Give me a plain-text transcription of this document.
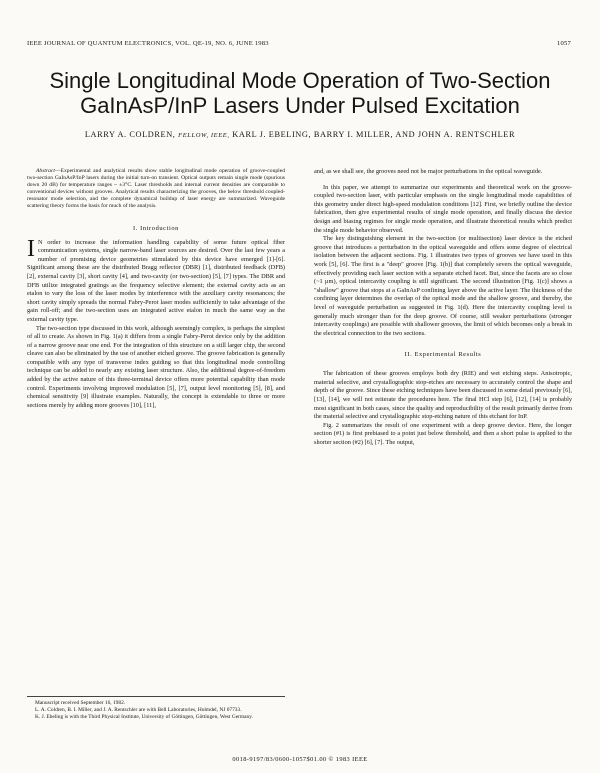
IEEE JOURNAL OF QUANTUM ELECTRONICS, VOL. QE-19, NO. 6, JUNE 1983	1057
Single Longitudinal Mode Operation of Two-Section
GaInAsP/InP Lasers Under Pulsed Excitation
LARRY A. COLDREN, FELLOW, IEEE, KARL J. EBELING, BARRY I. MILLER, AND JOHN A. RENTSCHLER

Abstract—Experimental and analytical results show stable longitudinal mode operation of groove-coupled two-section GaInAsP/InP lasers during the initial turn-on transient. Optical outputs remain single mode (spurious down 20 dB) for temperature ranges ~ ±3°C. Laser thresholds and internal current densities are comparable to conventional devices without grooves. Analytical results characterizing the grooves, the below threshold coupled-resonator mode selection, and the complete dynamical buildup of laser energy are summarized. Waveguide scattering theory forms the basis for much of the analysis.

I. Introduction

I N order to increase the information handling capability of some future optical fiber communication systems, single narrow-band laser sources are desired. Over the last few years a number of promising device geometries stimulated by this device have emerged [1]-[6]. Significant among these are the distributed Bragg reflector (DBR) [1], distributed feedback (DFB) [2], external cavity [3], short cavity [4], and two-cavity (or two-section) [5], [7] types. The DBR and DFB utilize integrated gratings as the frequency selective element; the external cavity acts as an etalon to vary the loss of the laser modes by interference with the auxiliary cavity resonances; the short cavity simply spreads the normal Fabry-Perot laser modes sufficiently to take advantage of the gain roll-off; and the two-section uses an integrated active etalon in much the same way as the external cavity type.

The two-section type discussed in this work, although seemingly complex, is perhaps the simplest of all to create. As shown in Fig. 1(a) it differs from a single Fabry-Perot device only by the addition of a narrow groove near one end. For the integration of this structure on a still larger chip, the second cleave can also be eliminated by the use of another etched groove. The groove fabrication is generally compatible with any type of transverse index guiding so that this longitudinal mode controlling technique can be added to nearly any existing laser structure. Also, the additional degree-of-freedom added by the active nature of this three-terminal device offers more potential capability than mode control. Experiments involving improved modulation [5], [7], output level monitoring [5], [8], and chemical sensitivity [9] illustrate examples. Naturally, the concept is extendable to three or more sections merely by adding more grooves [10], [11],

and, as we shall see, the grooves need not be major perturbations in the optical waveguide.

In this paper, we attempt to summarize our experiments and theoretical work on the groove-coupled two-section laser, with particular emphasis on the single longitudinal mode capabilities of this geometry under direct high-speed modulation conditions [12]. First, we briefly outline the device fabrication, then give experimental results of single mode operation, and finally discuss the device design and biasing regimes for single mode operation, and illustrate theoretical results which predict the single mode behavior observed.

The key distinguishing element in the two-section (or multisection) laser device is the etched groove that introduces a perturbation in the optical waveguide and offers some degree of electrical isolation between the adjacent sections. Fig. 1 illustrates two types of grooves we have used in this work [5], [6]. The first is a "deep" groove [Fig. 1(b)] that completely severs the optical waveguide, effectively providing each laser section with a separate etched facet. But, since the facets are so close (~1 µm), optical intercavity coupling is still significant. The second illustration [Fig. 1(c)] shows a "shallow" groove that stops at a GaInAsP confining layer above the active layer. The thickness of the confining layer determines the overlap of the optical mode and the shallow groove, and thereby, the level of waveguide perturbation as suggested in Fig. 1(d). Here the intercavity coupling level is generally much stronger than for the deep groove. Of course, still weaker perturbations (stronger intercavity couplings) are possible with shallower grooves, the limit of which becomes only a break in the electrical connection to the two sections.

II. Experimental Results

The fabrication of these grooves employs both dry (RIE) and wet etching steps. Anisotropic, material selective, and crystallographic stop-etches are necessary to accurately control the shape and depth of the groove. Since these etching techniques have been discussed in some detail previously [6], [13], [14], we will not reiterate the procedures here. The final HCl step [6], [12], [14] is probably most significant in both cases, since the quality and reproducibility of the result primarily derive from the material selective and crystallographic stop-etching nature of this etchant for InP.

Fig. 2 summarizes the result of one experiment with a deep groove device. Here, the longer section (#1) is first prebiased to a point just below threshold, and then a short pulse is applied to the shorter section (#2) [6], [7]. The output,

Manuscript received September 16, 1982.

L. A. Coldren, B. I. Miller, and J. A. Rentschler are with Bell Laboratories, Holmdel, NJ 07733.

K. J. Ebeling is with the Third Physical Institute, University of Göttingen, Göttingen, West Germany.

0018-9197/83/0600-1057$01.00 © 1983 IEEE
